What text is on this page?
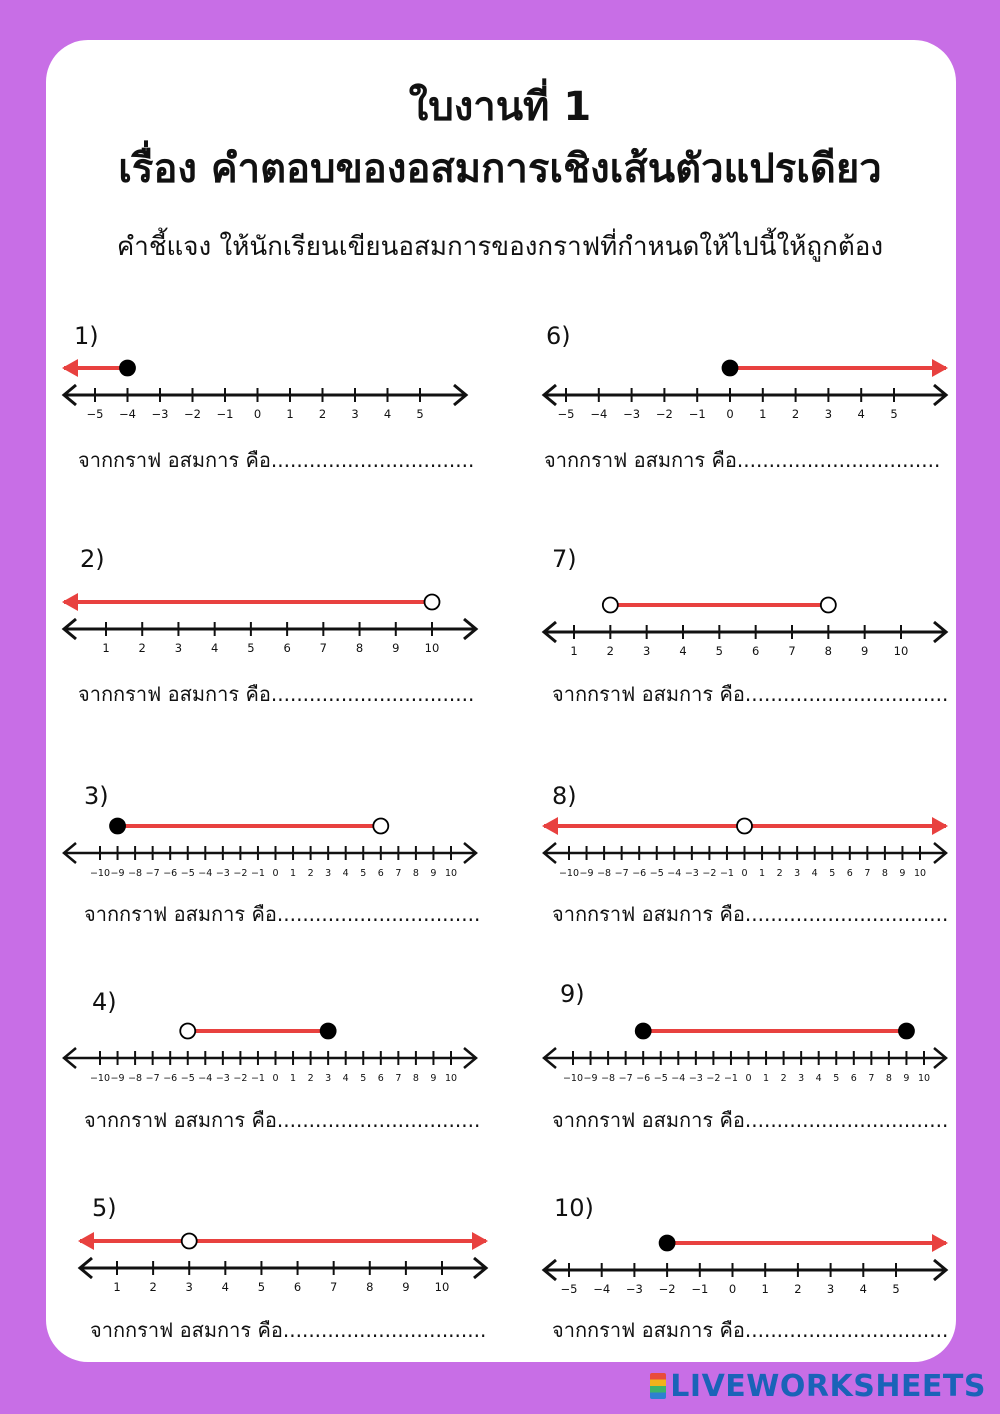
ใบงานที่ 1
เรื่อง คำตอบของอสมการเชิงเส้นตัวแปรเดียว
คำชี้แจง ให้นักเรียนเขียนอสมการของกราฟที่กำหนดให้ไปนี้ให้ถูกต้อง
1)
−5 −4 −3 −2 −1 0 1 2 3 4 5
จากกราฟ อสมการ คือ................................
2)
1	2	3	4	5	6	7	8	9 10
จากกราฟ อสมการ คือ................................
3)
−10 −9 −8 −7 −6 −5 −4 −3 −2 −1 0 1 2 3 4 5 6 7 8 9 10
จากกราฟ อสมการ คือ................................
4)
−10 −9 −8 −7 −6 −5 −4 −3 −2 −1 0 1 2 3 4 5 6 7 8 9 10
จากกราฟ อสมการ คือ................................
5)
1	2	3	4	5	6	7	8	9 10
จากกราฟ อสมการ คือ................................
6)
−5 −4 −3 −2 −1 0 1 2 3 4 5
จากกราฟ อสมการ คือ................................
7)
1	2	3	4	5	6	7	8	9 10
จากกราฟ อสมการ คือ................................
8)
−10 −9 −8 −7 −6 −5 −4 −3 −2 −1 0 1 2 3 4 5 6 7 8 9 10
จากกราฟ อสมการ คือ................................
9)
−10 −9 −8 −7 −6 −5 −4 −3 −2 −1 0 1 2 3 4 5 6 7 8 9 10
จากกราฟ อสมการ คือ................................
10)
−5 −4 −3 −2 −1 0 1 2 3 4 5
จากกราฟ อสมการ คือ................................
LIVEWORKSHEETS
